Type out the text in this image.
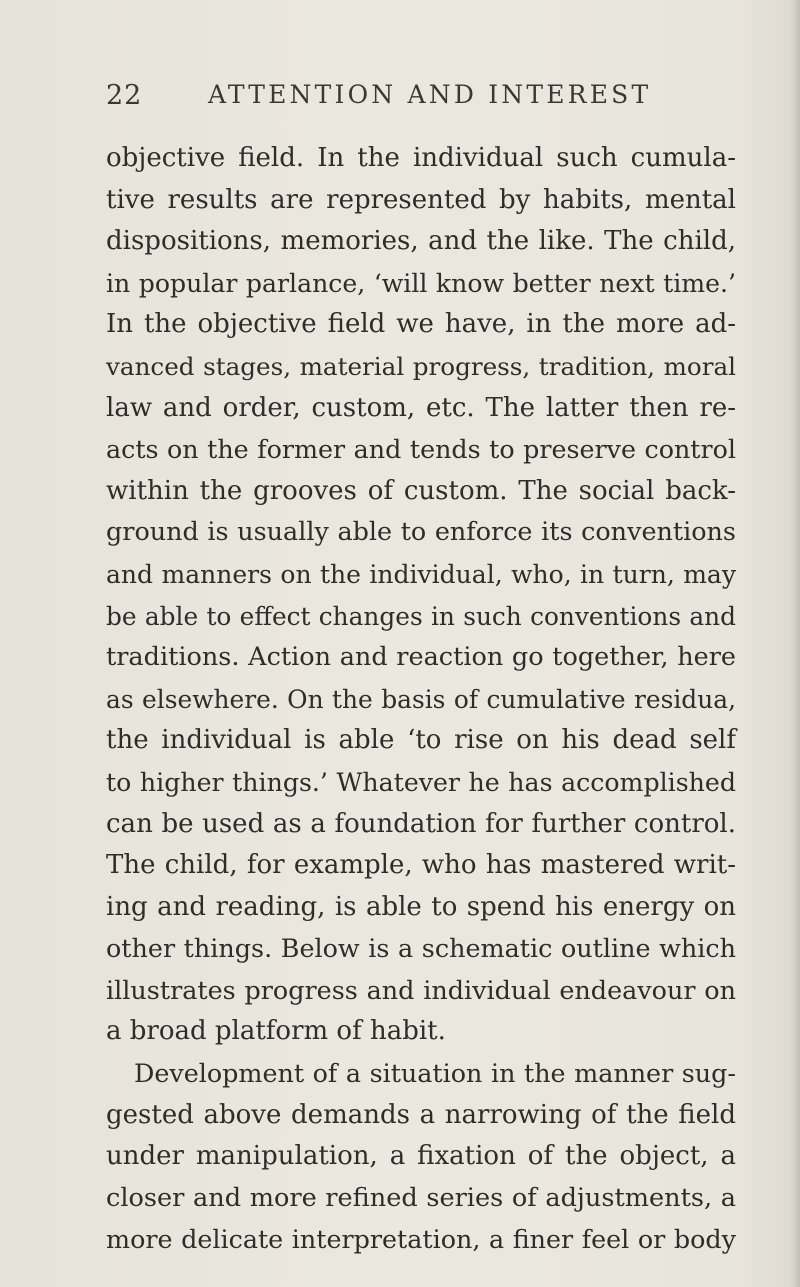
22	ATTENTION AND INTEREST
objective field. In the individual such cumula-
tive results are represented by habits, mental
dispositions, memories, and the like. The child,
in popular parlance, ‘will know better next time.’
In the objective field we have, in the more ad-
vanced stages, material progress, tradition, moral
law and order, custom, etc. The latter then re-
acts on the former and tends to preserve control
within the grooves of custom. The social back-
ground is usually able to enforce its conventions
and manners on the individual, who, in turn, may
be able to effect changes in such conventions and
traditions. Action and reaction go together, here
as elsewhere. On the basis of cumulative residua,
the individual is able ‘to rise on his dead self
to higher things.’ Whatever he has accomplished
can be used as a foundation for further control.
The child, for example, who has mastered writ-
ing and reading, is able to spend his energy on
other things. Below is a schematic outline which
illustrates progress and individual endeavour on
a broad platform of habit.
Development of a situation in the manner sug-
gested above demands a narrowing of the field
under manipulation, a fixation of the object, a
closer and more refined series of adjustments, a
more delicate interpretation, a finer feel or body
